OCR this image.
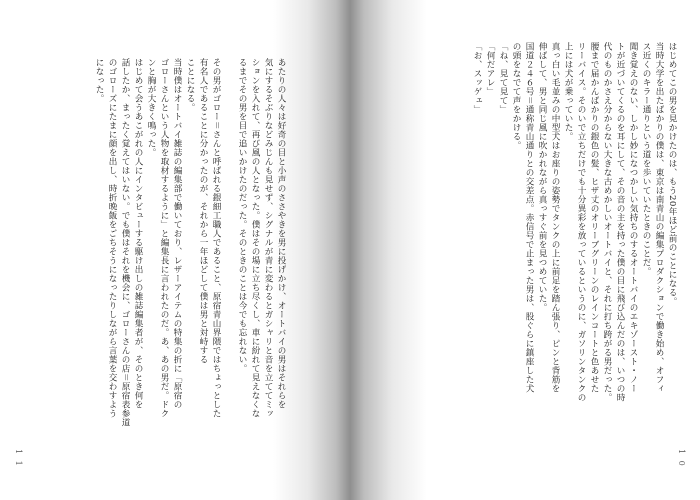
あたりの人々は好奇の目と小声のささやきを男に投げかけ、オートバイの男はそれらを
気にするそぶりなどみじんも見せず、シグナルが青に変わるとガシャリと音を立ててミッ
ションを入れて、再び風の人となった。僕はその場に立ち尽くし、車に紛れて見えなくな
るまでその男を目で追いかけたのだった。そのときのことは今でも忘れない。
その男がゴロー＝さんと呼ばれる銀細工職人であること、原宿青山界隈ではちょっとした
有名人であることに分かったのが、それから一年ほどして僕は男と対峙する
ことになる。
当時僕はオートバイ雑誌の編集部で働いており、レザーアイテムの特集の折に「原宿の
ゴローさんという人物を取材するように」と編集長に言われたのだ。あ、あの男だ。ドク
ンと胸が大きく鳴った。
はじめて会うあこがれの人にインタビューする駆け出しの雑誌編集者が、そのとき何を
話したか、まったく覚えてはいない。でも僕はそれを機会に、ゴローさんの店＝原宿表参道
のゴローズにたまに顔を出し、時折晩飯をごちそうになったりしながら言葉を交わすよう
になった。
1 1
はじめてこの男を見かけたのは、もう20年ほど前のことになる。
当時大学を出たばかりの僕は、東京は南青山の編集プロダクションで働き始め、オフィ
ス近くのキラー通りという道を歩いていたときのことだ。
聞き覚えのない、しかし妙になつかしい気持ちのするオートバイのエキゾースト・ノー
トが近づいてくるのを耳にして、その音の主を持った僕の目に飛び込んだのは、いつの時
代のものかさえ分からない大きな古めかしいオートバイと、それに打ち跨がる男だった。
腰まで届かんばかりの銀色の髪、ヒザ丈のオリーブグリーンのレインコートと色あせた
リーバイス。そのいで立ちだけでも十分異彩を放っているというのに、ガソリンタンクの
上には犬が乗っていた。
真っ白い毛並みの中型犬はお座りの姿勢でタンクの上に前足を踏ん張り、ピンと背筋を
伸ばして、男と同じ風に吹かれながら真っすぐ前を見つめていた。
国道２４６号＝通称青山通りとの交差点。赤信号で止まった男は、股ぐらに鎮座した犬
の頭をなでて声をかける。
「ね、見て見て」
「何だアレ」
「お、スッゲェ」
1 0
